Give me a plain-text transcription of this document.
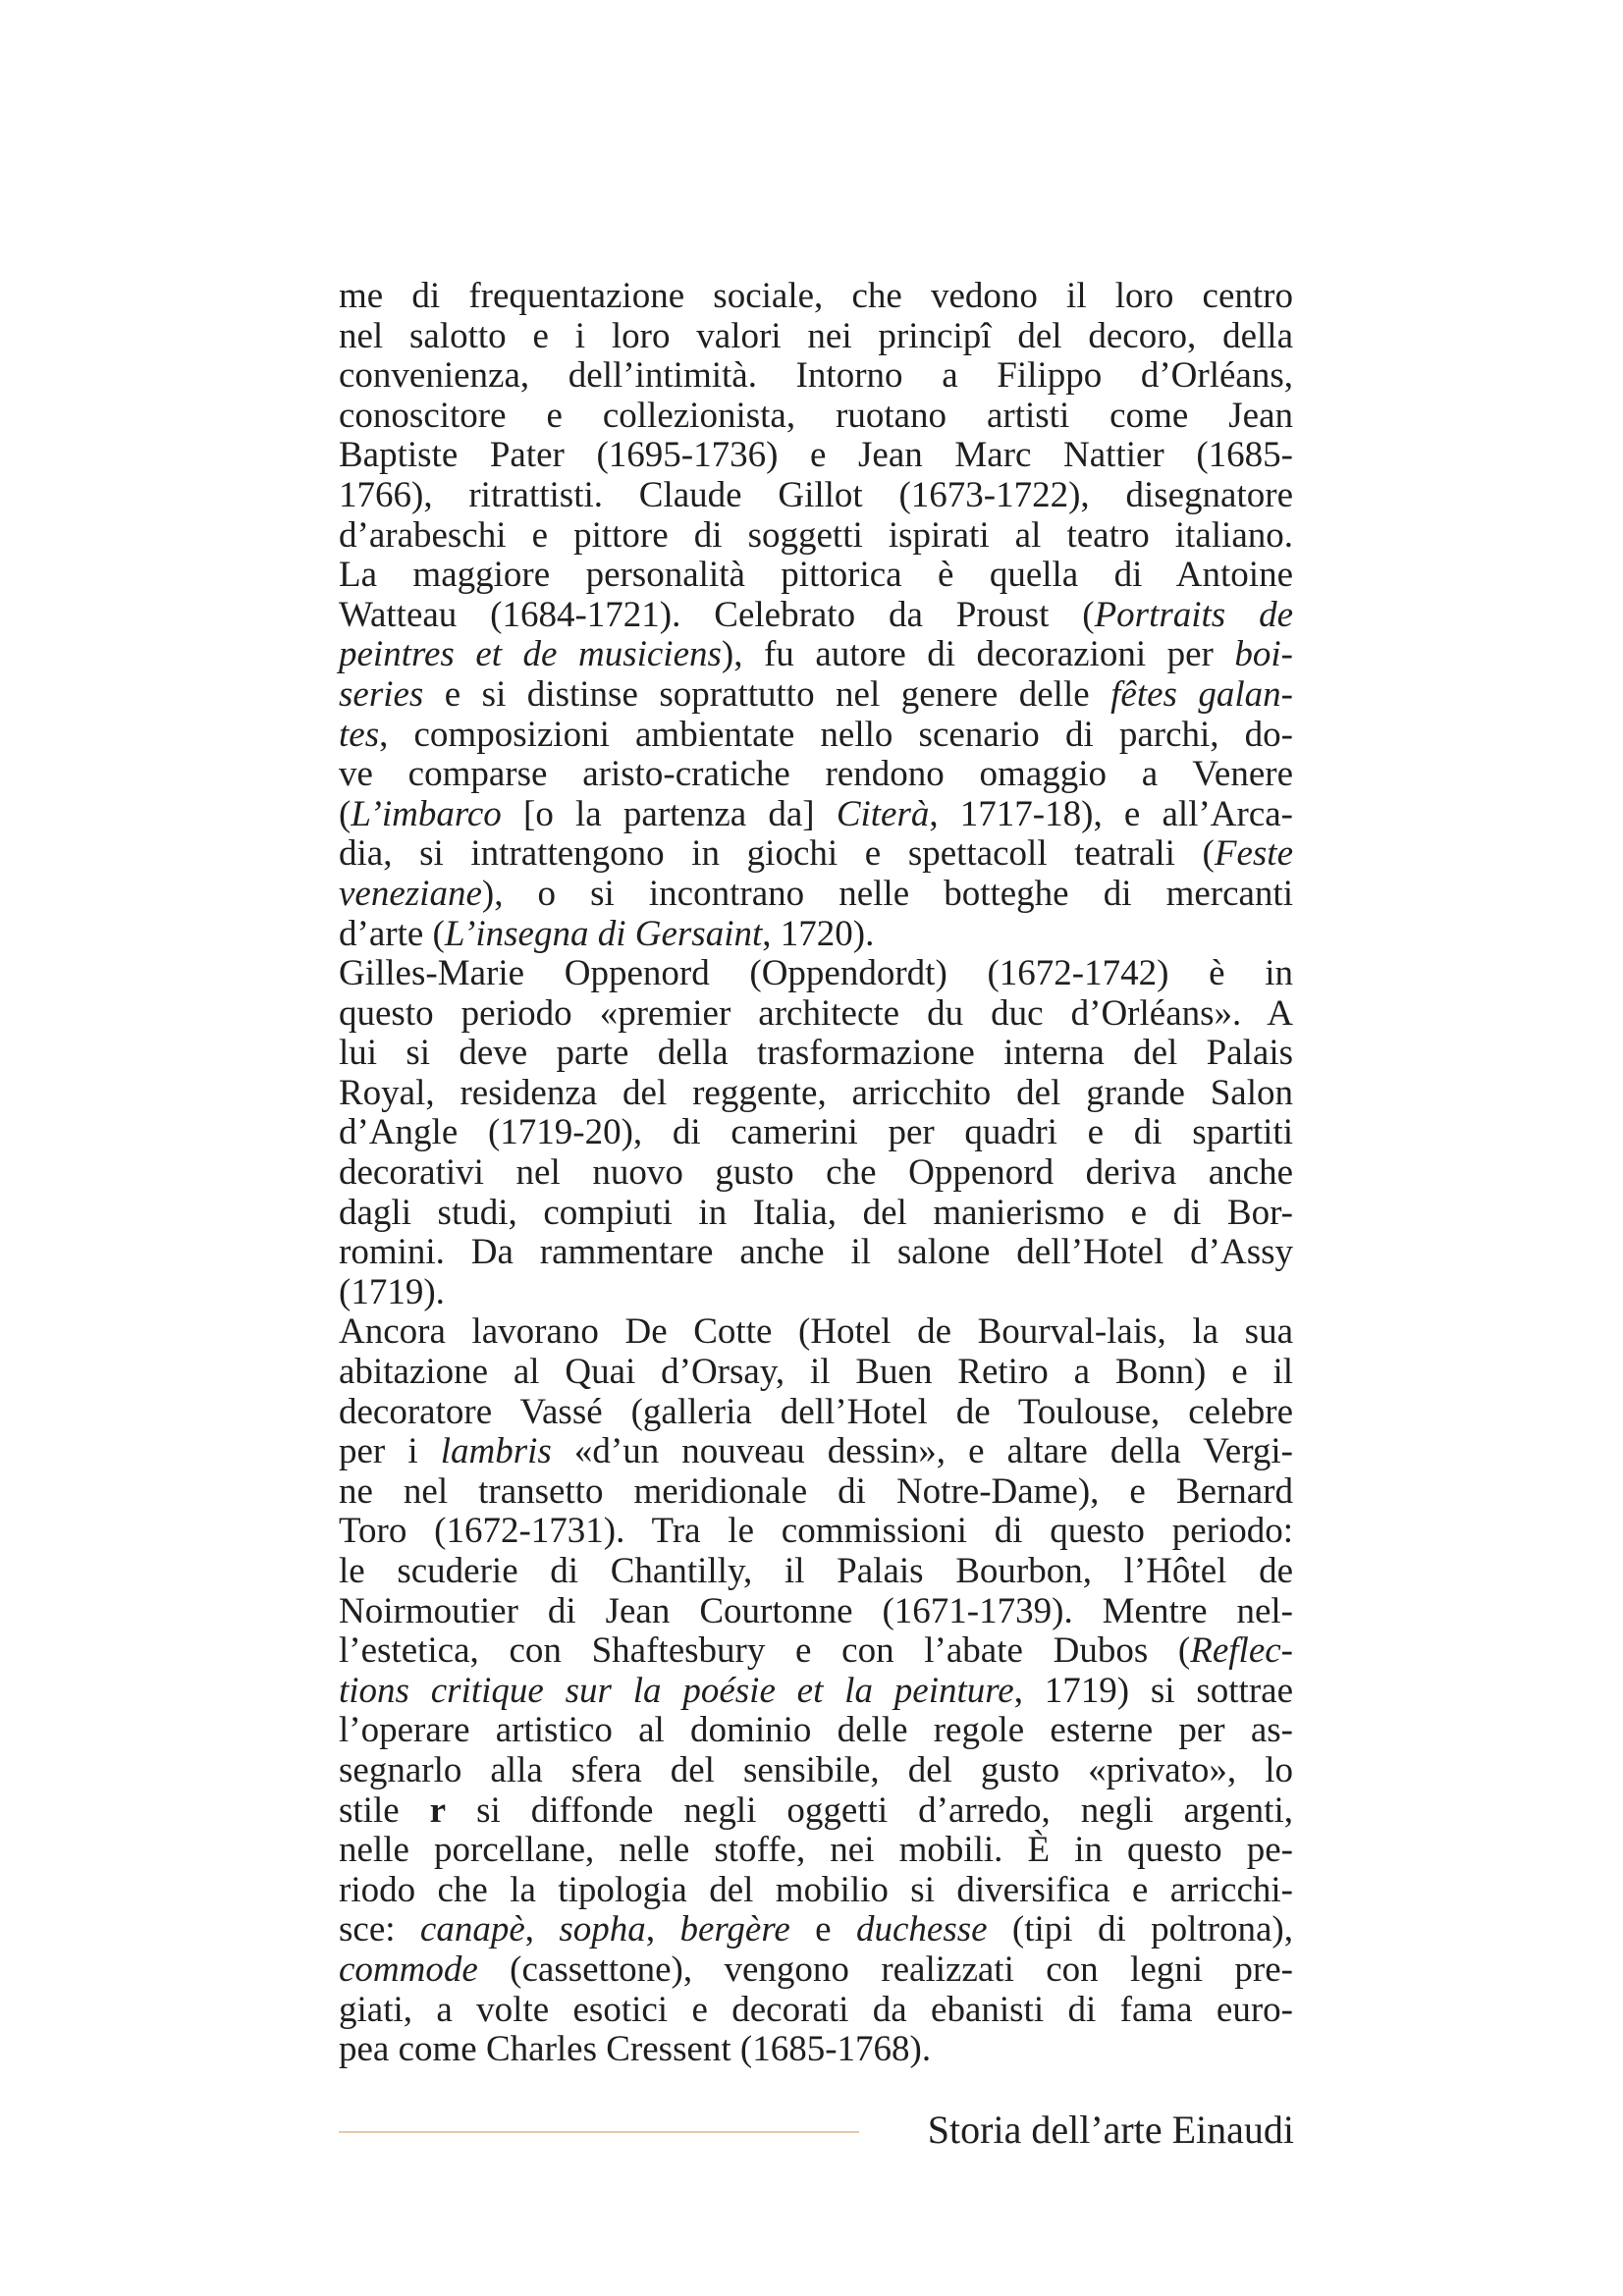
me di frequentazione sociale, che vedono il loro centro
nel salotto e i loro valori nei principî del decoro, della
convenienza, dell’intimità. Intorno a Filippo d’Orléans,
conoscitore e collezionista, ruotano artisti come Jean
Baptiste Pater (1695-1736) e Jean Marc Nattier (1685-
1766), ritrattisti. Claude Gillot (1673-1722), disegnatore
d’arabeschi e pittore di soggetti ispirati al teatro italiano.
La maggiore personalità pittorica è quella di Antoine
Watteau (1684-1721). Celebrato da Proust (Portraits de
peintres et de musiciens), fu autore di decorazioni per boi-
series e si distinse soprattutto nel genere delle fêtes galan-
tes, composizioni ambientate nello scenario di parchi, do-
ve comparse aristo-cratiche rendono omaggio a Venere
(L’imbarco [o la partenza da] Citerà, 1717-18), e all’Arca-
dia, si intrattengono in giochi e spettacoll teatrali (Feste
veneziane), o si incontrano nelle botteghe di mercanti
d’arte (L’insegna di Gersaint, 1720).
Gilles-Marie Oppenord (Oppendordt) (1672-1742) è in
questo periodo «premier architecte du duc d’Orléans». A
lui si deve parte della trasformazione interna del Palais
Royal, residenza del reggente, arricchito del grande Salon
d’Angle (1719-20), di camerini per quadri e di spartiti
decorativi nel nuovo gusto che Oppenord deriva anche
dagli studi, compiuti in Italia, del manierismo e di Bor-
romini. Da rammentare anche il salone dell’Hotel d’Assy
(1719).
Ancora lavorano De Cotte (Hotel de Bourval-lais, la sua
abitazione al Quai d’Orsay, il Buen Retiro a Bonn) e il
decoratore Vassé (galleria dell’Hotel de Toulouse, celebre
per i lambris «d’un nouveau dessin», e altare della Vergi-
ne nel transetto meridionale di Notre-Dame), e Bernard
Toro (1672-1731). Tra le commissioni di questo periodo:
le scuderie di Chantilly, il Palais Bourbon, l’Hôtel de
Noirmoutier di Jean Courtonne (1671-1739). Mentre nel-
l’estetica, con Shaftesbury e con l’abate Dubos (Reflec-
tions critique sur la poésie et la peinture, 1719) si sottrae
l’operare artistico al dominio delle regole esterne per as-
segnarlo alla sfera del sensibile, del gusto «privato», lo
stile r si diffonde negli oggetti d’arredo, negli argenti,
nelle porcellane, nelle stoffe, nei mobili. È in questo pe-
riodo che la tipologia del mobilio si diversifica e arricchi-
sce: canapè, sopha, bergère e duchesse (tipi di poltrona),
commode (cassettone), vengono realizzati con legni pre-
giati, a volte esotici e decorati da ebanisti di fama euro-
pea come Charles Cressent (1685-1768).
Storia dell’arte Einaudi
